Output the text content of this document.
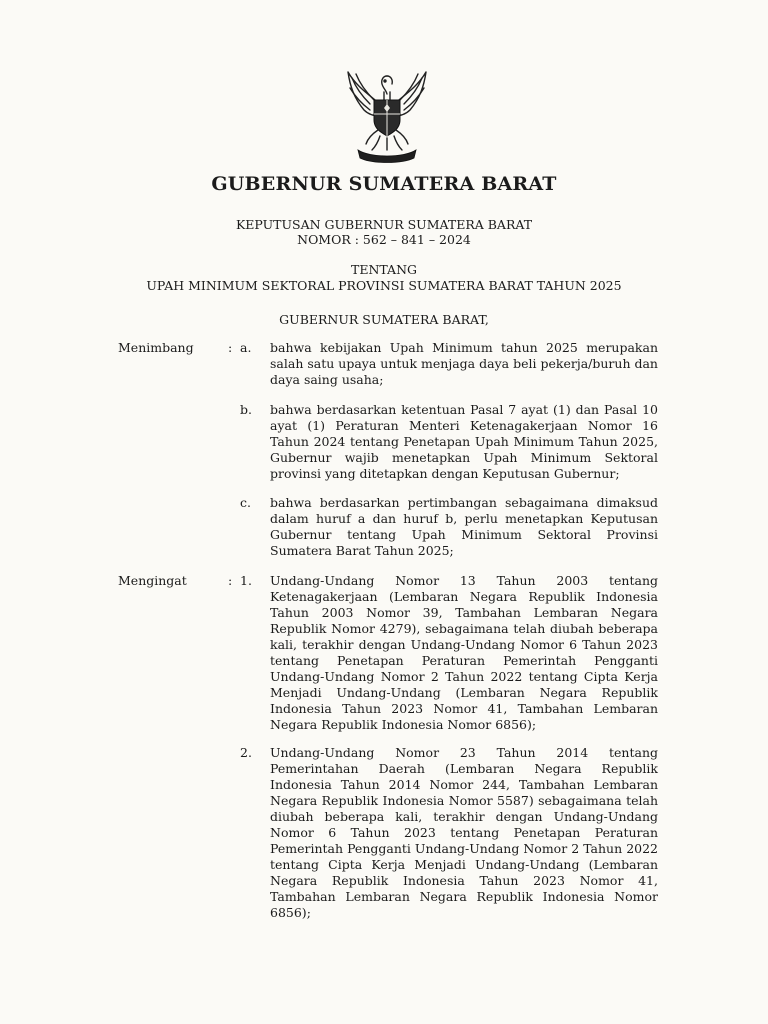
GUBERNUR SUMATERA BARAT
KEPUTUSAN GUBERNUR SUMATERA BARAT
NOMOR : 562 – 841 – 2024
TENTANG
UPAH MINIMUM SEKTORAL PROVINSI SUMATERA BARAT TAHUN 2025
GUBERNUR SUMATERA BARAT,
Menimbang	: a. bahwa kebijakan Upah Minimum tahun 2025 merupakan salah satu upaya untuk menjaga daya beli pekerja/buruh dan daya saing usaha;

b. bahwa berdasarkan ketentuan Pasal 7 ayat (1) dan Pasal 10 ayat (1) Peraturan Menteri Ketenagakerjaan Nomor 16 Tahun 2024 tentang Penetapan Upah Minimum Tahun 2025, Gubernur wajib menetapkan Upah Minimum Sektoral provinsi yang ditetapkan dengan Keputusan Gubernur;

c. bahwa berdasarkan pertimbangan sebagaimana dimaksud dalam huruf a dan huruf b, perlu menetapkan Keputusan Gubernur tentang Upah Minimum Sektoral Provinsi Sumatera Barat Tahun 2025;

Mengingat	: 1. Undang-Undang Nomor 13 Tahun 2003 tentang Ketenagakerjaan (Lembaran Negara Republik Indonesia Tahun 2003 Nomor 39, Tambahan Lembaran Negara Republik Nomor 4279), sebagaimana telah diubah beberapa kali, terakhir dengan Undang-Undang Nomor 6 Tahun 2023 tentang Penetapan Peraturan Pemerintah Pengganti Undang-Undang Nomor 2 Tahun 2022 tentang Cipta Kerja Menjadi Undang-Undang (Lembaran Negara Republik Indonesia Tahun 2023 Nomor 41, Tambahan Lembaran Negara Republik Indonesia Nomor 6856);

2. Undang-Undang Nomor 23 Tahun 2014 tentang Pemerintahan Daerah (Lembaran Negara Republik Indonesia Tahun 2014 Nomor 244, Tambahan Lembaran Negara Republik Indonesia Nomor 5587) sebagaimana telah diubah beberapa kali, terakhir dengan Undang-Undang Nomor 6 Tahun 2023 tentang Penetapan Peraturan Pemerintah Pengganti Undang-Undang Nomor 2 Tahun 2022 tentang Cipta Kerja Menjadi Undang-Undang (Lembaran Negara Republik Indonesia Tahun 2023 Nomor 41, Tambahan Lembaran Negara Republik Indonesia Nomor 6856);
